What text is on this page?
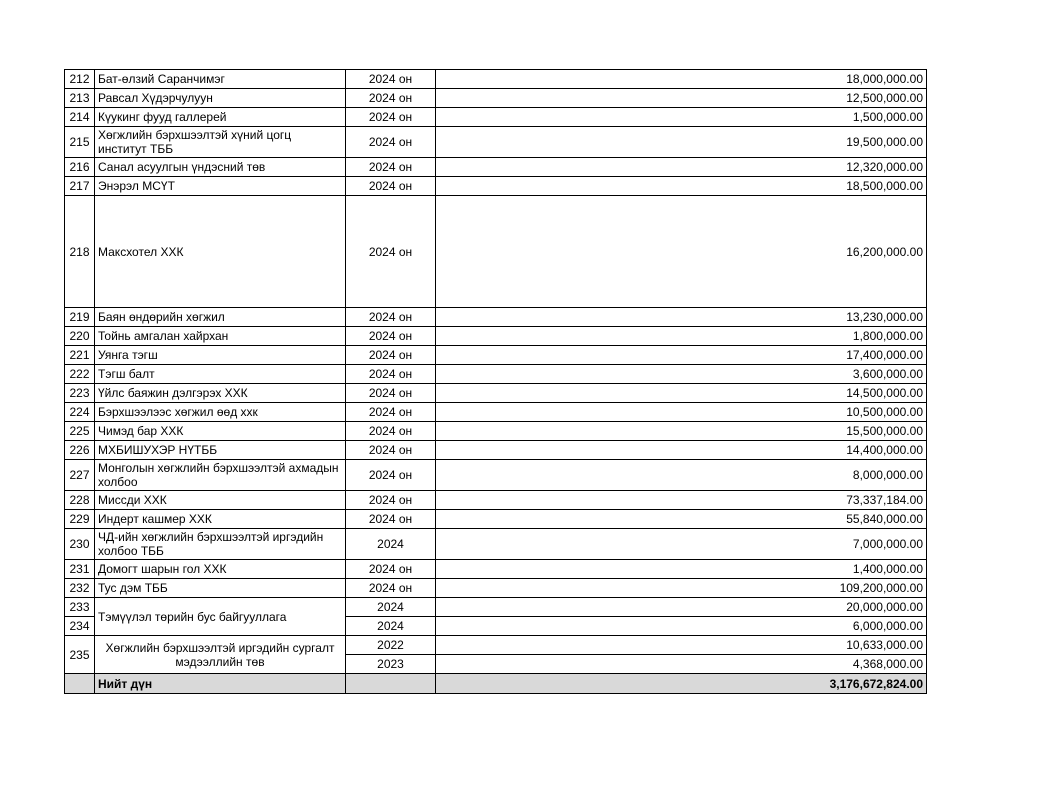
212	Бат-өлзий Саранчимэг	2024 он	18,000,000.00
213	Равсал Хүдэрчулуун	2024 он	12,500,000.00
214	Күукинг фууд галлерей	2024 он	1,500,000.00
215	Хөгжлийн бэрхшээлтэй хүний цогц институт ТББ	2024 он	19,500,000.00
216	Санал асуулгын үндэсний төв	2024 он	12,320,000.00
217	Энэрэл МСҮТ	2024 он	18,500,000.00
218	Максхотел ХХК	2024 он	16,200,000.00
219	Баян өндөрийн хөгжил	2024 он	13,230,000.00
220	Тойнь амгалан хайрхан	2024 он	1,800,000.00
221	Уянга тэгш	2024 он	17,400,000.00
222	Тэгш балт	2024 он	3,600,000.00
223	Үйлс баяжин дэлгэрэх ХХК	2024 он	14,500,000.00
224	Бэрхшээлээс хөгжил өөд ххк	2024 он	10,500,000.00
225	Чимэд бар ХХК	2024 он	15,500,000.00
226	МХБИШУХЭР НҮТББ	2024 он	14,400,000.00
227	Монголын хөгжлийн бэрхшээлтэй ахмадын холбоо	2024 он	8,000,000.00
228	Миссди ХХК	2024 он	73,337,184.00
229	Индерт кашмер ХХК	2024 он	55,840,000.00
230	ЧД-ийн хөгжлийн бэрхшээлтэй иргэдийн холбоо ТББ	2024	7,000,000.00
231	Домогт шарын гол ХХК	2024 он	1,400,000.00
232	Тус дэм ТББ	2024 он	109,200,000.00
233	Тэмүүлэл төрийн бус байгууллага	2024	20,000,000.00
234		2024	6,000,000.00
235	Хөгжлийн бэрхшээлтэй иргэдийн сургалт мэдээллийн төв	2022	10,633,000.00
		2023	4,368,000.00
	Нийт дүн		3,176,672,824.00
